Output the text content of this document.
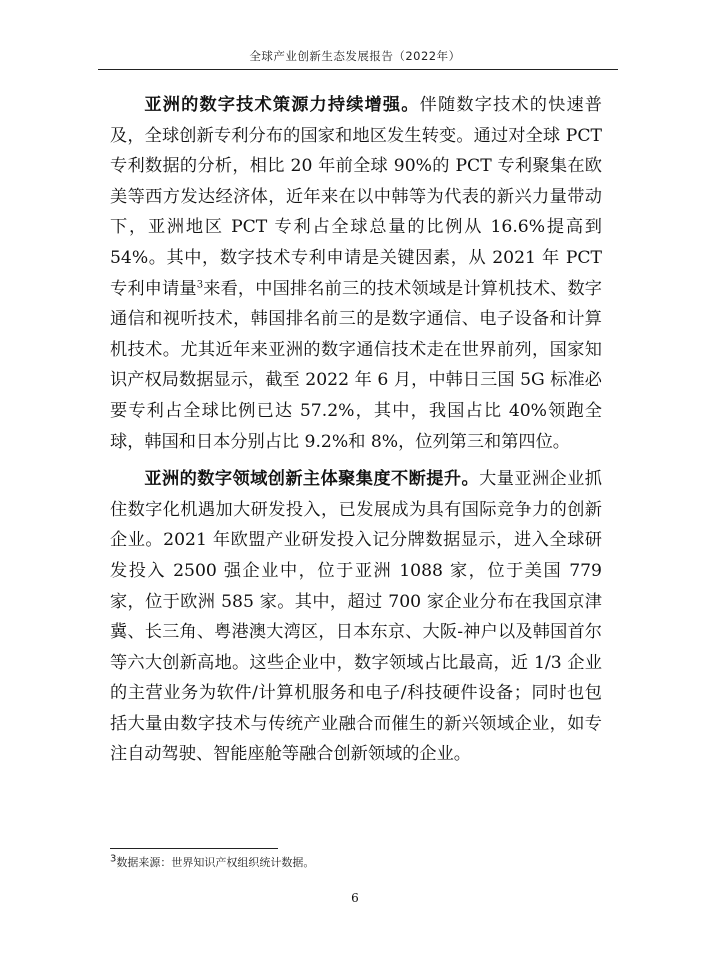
全球产业创新生态发展报告（2022年）

亚洲的数字技术策源力持续增强。伴随数字技术的快速普及，全球创新专利分布的国家和地区发生转变。通过对全球 PCT 专利数据的分析，相比 20 年前全球 90%的 PCT 专利聚集在欧美等西方发达经济体，近年来在以中韩等为代表的新兴力量带动下，亚洲地区 PCT 专利占全球总量的比例从 16.6%提高到 54%。其中，数字技术专利申请是关键因素，从 2021 年 PCT 专利申请量$^3$来看，中国排名前三的技术领域是计算机技术、数字通信和视听技术，韩国排名前三的是数字通信、电子设备和计算机技术。尤其近年来亚洲的数字通信技术走在世界前列，国家知识产权局数据显示，截至 2022 年 6 月，中韩日三国 5G 标准必要专利占全球比例已达 57.2%，其中，我国占比 40%领跑全球，韩国和日本分别占比 9.2%和 8%，位列第三和第四位。

亚洲的数字领域创新主体聚集度不断提升。大量亚洲企业抓住数字化机遇加大研发投入，已发展成为具有国际竞争力的创新企业。2021 年欧盟产业研发投入记分牌数据显示，进入全球研发投入 2500 强企业中，位于亚洲 1088 家，位于美国 779 家，位于欧洲 585 家。其中，超过 700 家企业分布在我国京津冀、长三角、粤港澳大湾区，日本东京、大阪-神户以及韩国首尔等六大创新高地。这些企业中，数字领域占比最高，近 1/3 企业的主营业务为软件/计算机服务和电子/科技硬件设备；同时也包括大量由数字技术与传统产业融合而催生的新兴领域企业，如专注自动驾驶、智能座舱等融合创新领域的企业。

$^3$数据来源：世界知识产权组织统计数据。
6
